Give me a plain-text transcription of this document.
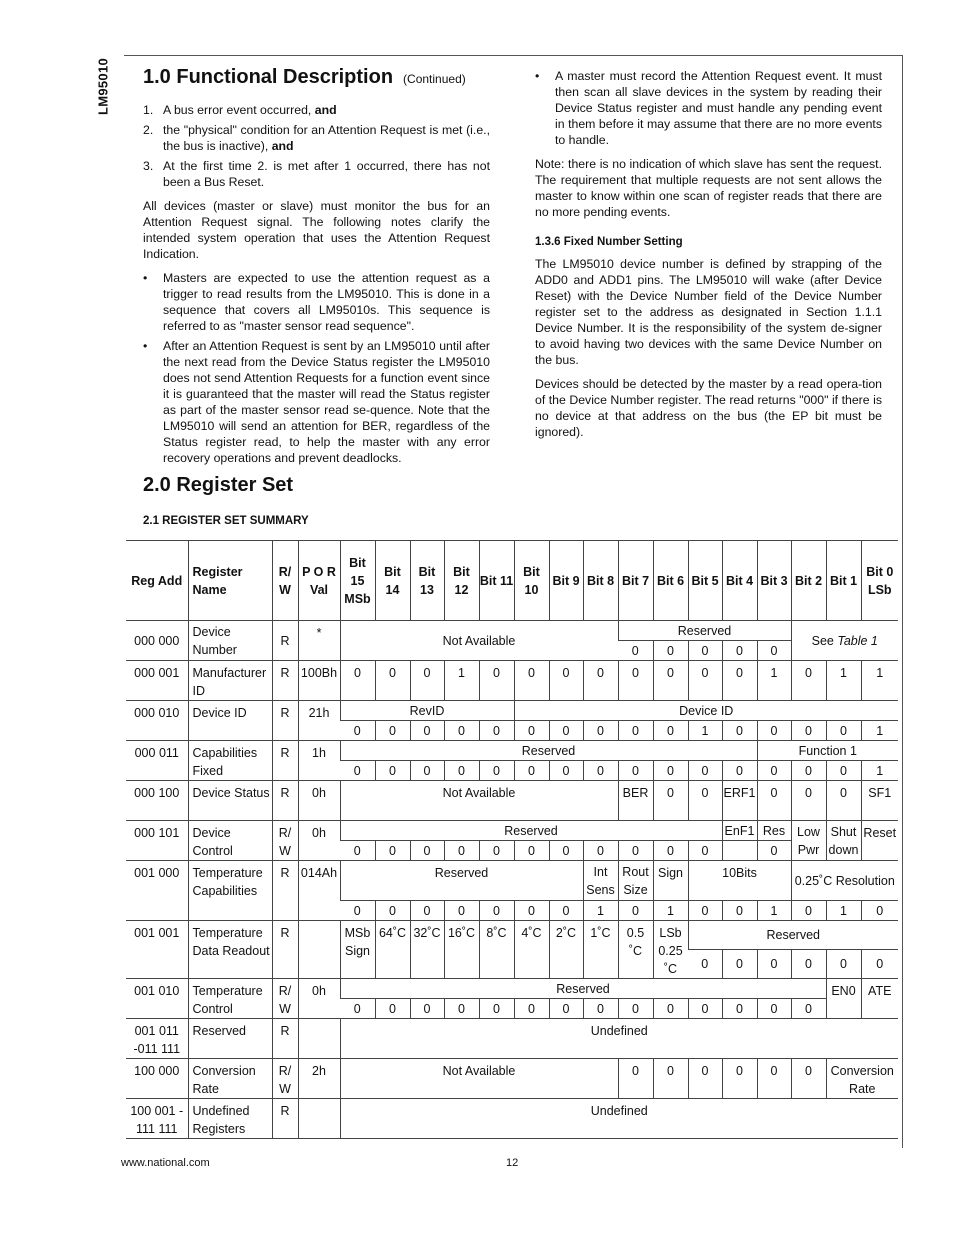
LM95010 1.0 Functional Description (Continued)
1. A bus error event occurred, and
2. the "physical" condition for an Attention Request is met (i.e., the bus is inactive), and
3. At the first time 2. is met after 1 occurred, there has not been a Bus Reset.

All devices (master or slave) must monitor the bus for an Attention Request signal. The following notes clarify the intended system operation that uses the Attention Request Indication.

• Masters are expected to use the attention request as a trigger to read results from the LM95010. This is done in a sequence that covers all LM95010s. This sequence is referred to as "master sensor read sequence".
• After an Attention Request is sent by an LM95010 until after the next read from the Device Status register the LM95010 does not send Attention Requests for a function event since it is guaranteed that the master will read the Status register as part of the master sensor read se-quence. Note that the LM95010 will send an attention for BER, regardless of the Status register read, to help the master with any error recovery operations and prevent deadlocks.
• A master must record the Attention Request event. It must then scan all slave devices in the system by reading their Device Status register and must handle any pending event in them before it may assume that there are no more events to handle.

Note: there is no indication of which slave has sent the request. The requirement that multiple requests are not sent allows the master to know within one scan of register reads that there are no more pending events.

1.3.6 Fixed Number Setting

The LM95010 device number is defined by strapping of the ADD0 and ADD1 pins. The LM95010 will wake (after Device Reset) with the Device Number field of the Device Number register set to the address as designated in Section 1.1.1 Device Number. It is the responsibility of the system de-signer to avoid having two devices with the same Device Number on the bus.

Devices should be detected by the master by a read opera-tion of the Device Number register. The read returns "000" if there is no device at that address on the bus (the EP bit must be ignored).

2.0 Register Set
2.1 REGISTER SET SUMMARY
Reg Add	Register Name	R/ W	P O R Val	Bit 15 MSb	Bit 14	Bit 13	Bit 12	Bit 11	Bit 10	Bit 9	Bit 8	Bit 7	Bit 6	Bit 5	Bit 4	Bit 3	Bit 2	Bit 1	Bit 0 LSb
000 000	Device Number	R	*	Not Available								Reserved					See Table 1		
												0	0	0	0	0			
000 001	Manufacturer ID	R	100Bh	0	0	0	1	0	0	0	0	0	0	0	0	1	0	1	1
000 010	Device ID	R	21h	RevID					Device ID										
				0	0	0	0	0	0	0	0	0	0	1	0	0	0	0	1
000 011	Capabilities Fixed	R	1h	Reserved												Function 1			
				0	0	0	0	0	0	0	0	0	0	0	0	0	0	0	1
000 100	Device Status	R	0h	Not Available								BER	0	0	ERF1	0	0	0	SF1
000 101	Device Control	R/ W	0h	Reserved											EnF1	Res	Low Pwr	Shut down	Reset
				0	0	0	0	0	0	0	0	0	0	0		0			
001 000	Temperature Capabilities	R	014Ah	Reserved							Int Sens	Rout Size	Sign	10Bits			0.25˚C Resolution		
				0	0	0	0	0	0	0	1	0	1	0	0	1	0	1	0
001 001	Temperature Data Readout	R		MSb Sign	64˚C	32˚C	16˚C	8˚C	4˚C	2˚C	1˚C	0.5 ˚C	LSb 0.25 ˚C	Reserved					
														0	0	0	0	0	0
001 010	Temperature Control	R/ W	0h	Reserved														EN0	ATE
				0	0	0	0	0	0	0	0	0	0	0	0	0	0		
001 011 -011 111	Reserved	R		Undefined															
100 000	Conversion Rate	R/ W	2h	Not Available								0	0	0	0	0	0	Conversion Rate	
100 001 - 111 111	Undefined Registers	R		Undefined															
www.national.com	12
